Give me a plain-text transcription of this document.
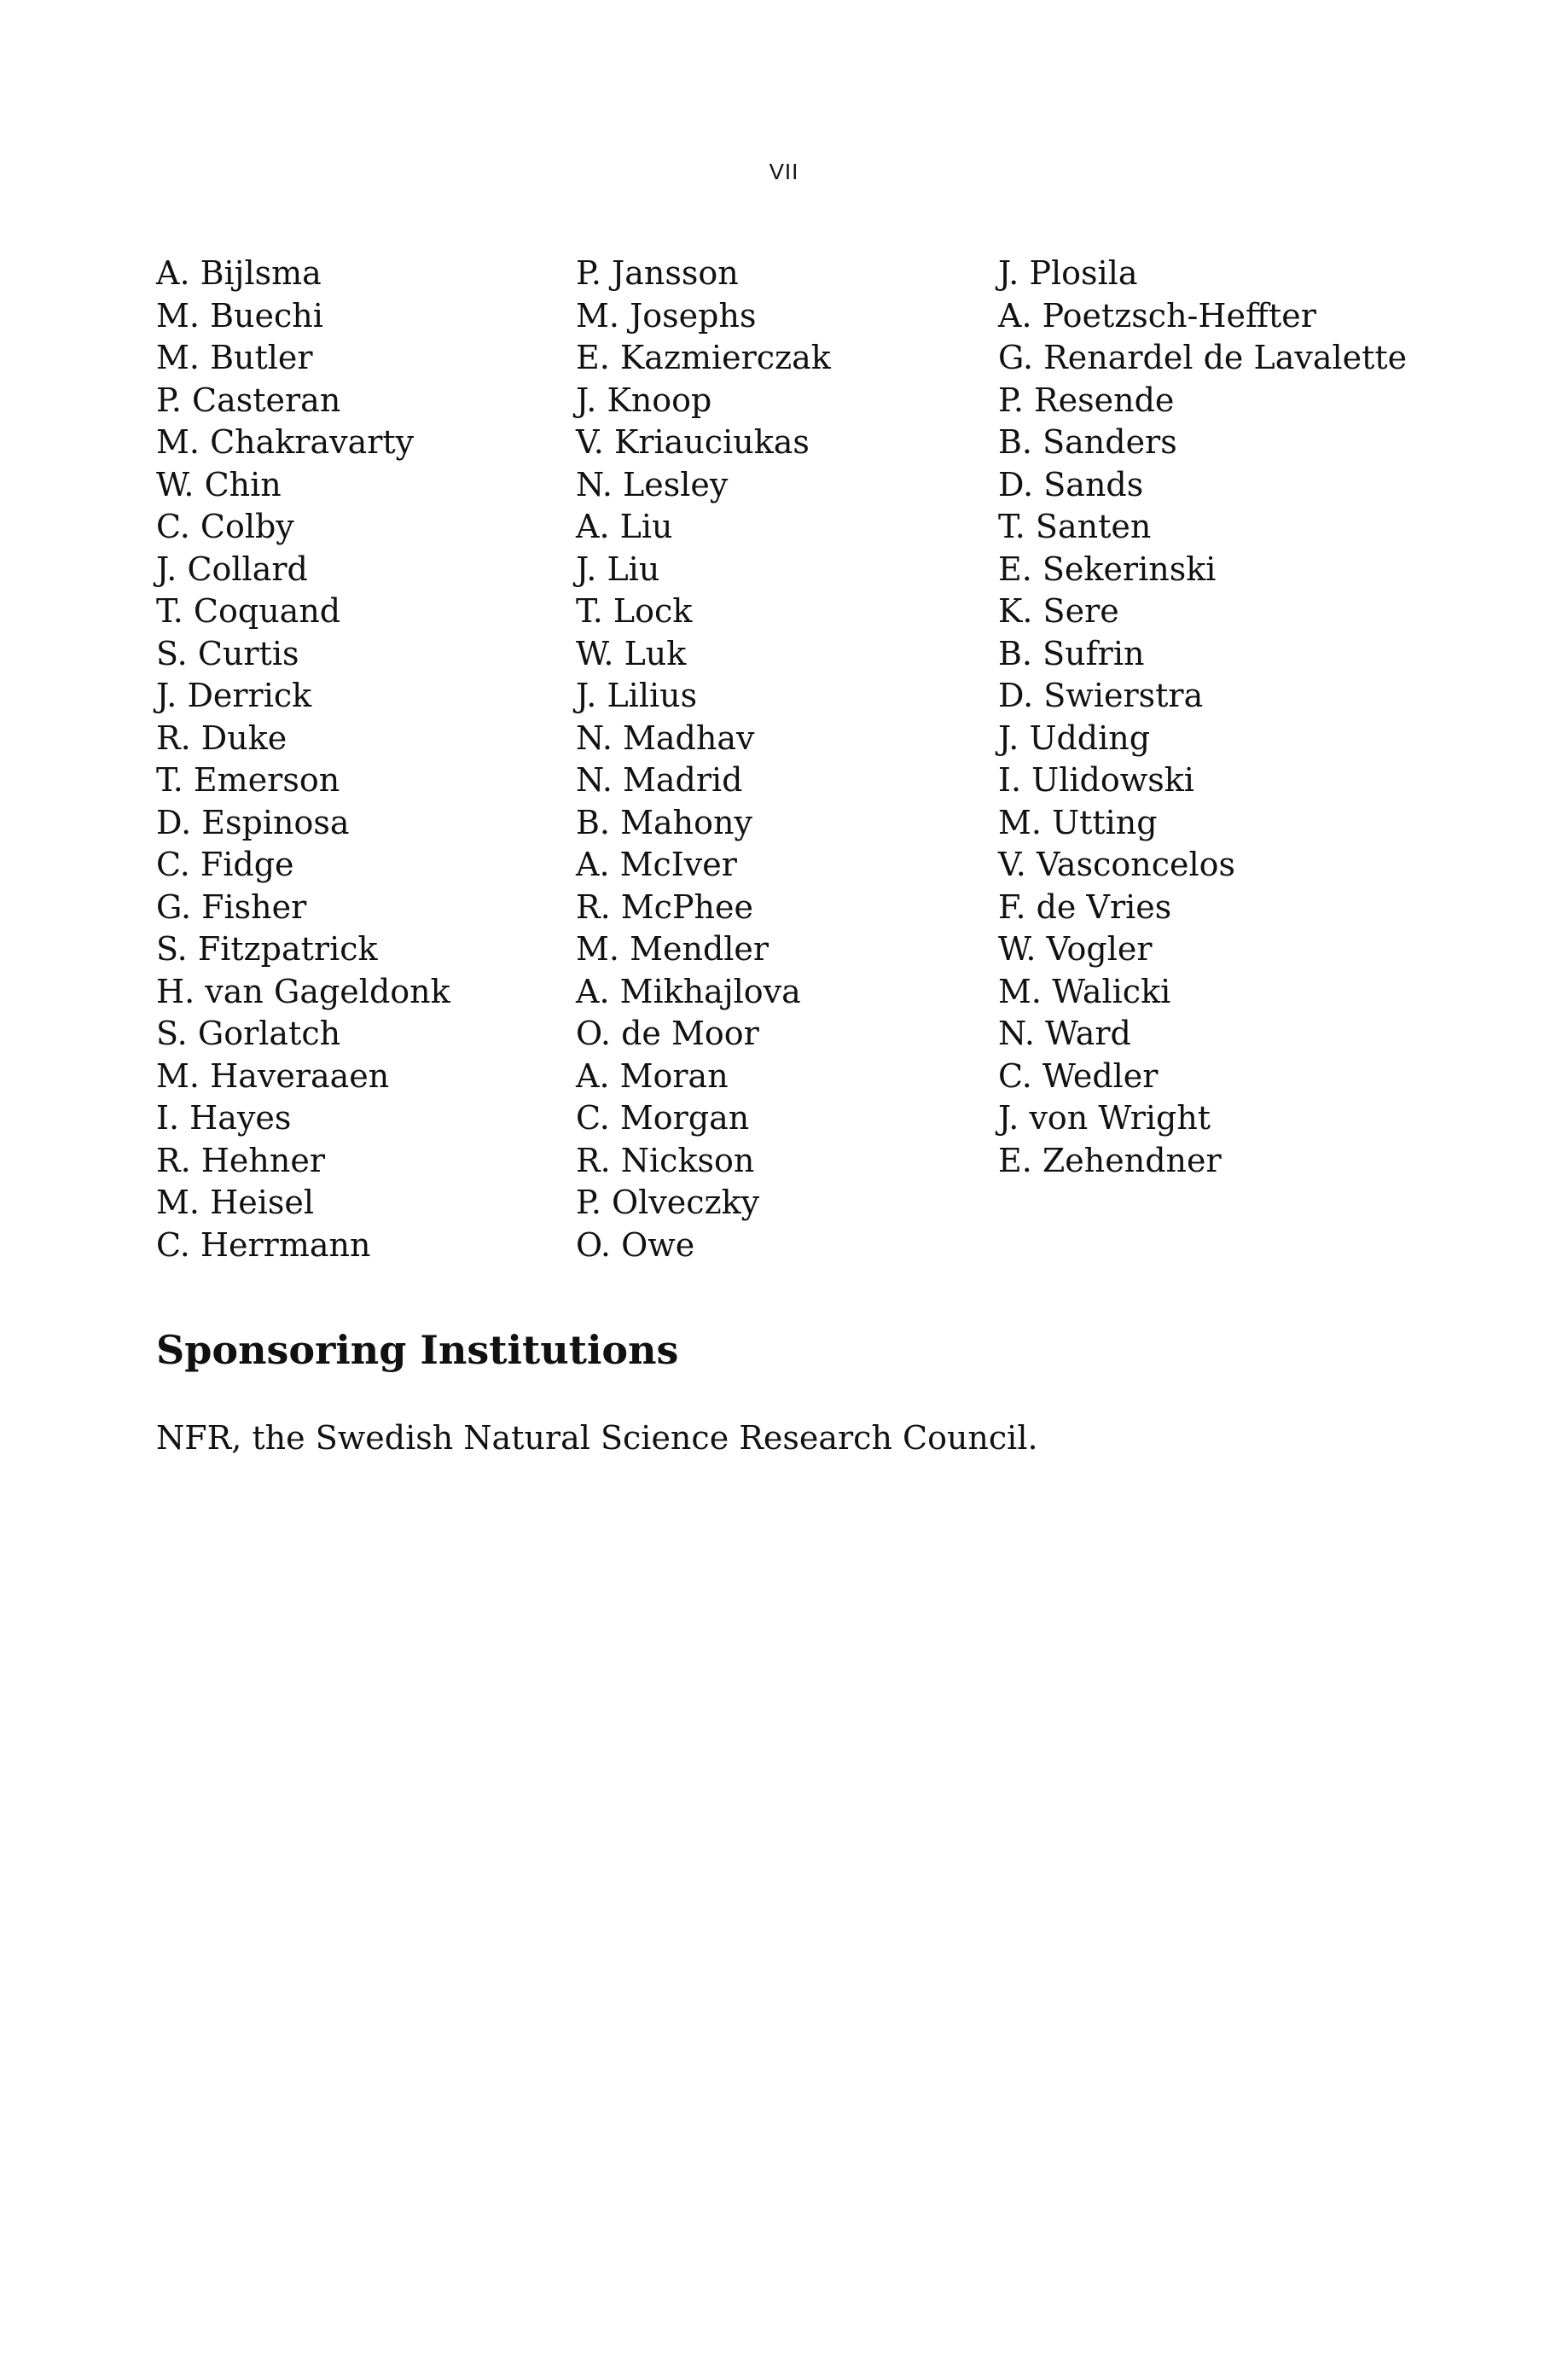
VII
A. Bijlsma
M. Buechi
M. Butler
P. Casteran
M. Chakravarty
W. Chin
C. Colby
J. Collard
T. Coquand
S. Curtis
J. Derrick
R. Duke
T. Emerson
D. Espinosa
C. Fidge
G. Fisher
S. Fitzpatrick
H. van Gageldonk
S. Gorlatch
M. Haveraaen
I. Hayes
R. Hehner
M. Heisel
C. Herrmann
P. Jansson
M. Josephs
E. Kazmierczak
J. Knoop
V. Kriauciukas
N. Lesley
A. Liu
J. Liu
T. Lock
W. Luk
J. Lilius
N. Madhav
N. Madrid
B. Mahony
A. McIver
R. McPhee
M. Mendler
A. Mikhajlova
O. de Moor
A. Moran
C. Morgan
R. Nickson
P. Olveczky
O. Owe
J. Plosila
A. Poetzsch-Heffter
G. Renardel de Lavalette
P. Resende
B. Sanders
D. Sands
T. Santen
E. Sekerinski
K. Sere
B. Sufrin
D. Swierstra
J. Udding
I. Ulidowski
M. Utting
V. Vasconcelos
F. de Vries
W. Vogler
M. Walicki
N. Ward
C. Wedler
J. von Wright
E. Zehendner
Sponsoring Institutions

NFR, the Swedish Natural Science Research Council.
